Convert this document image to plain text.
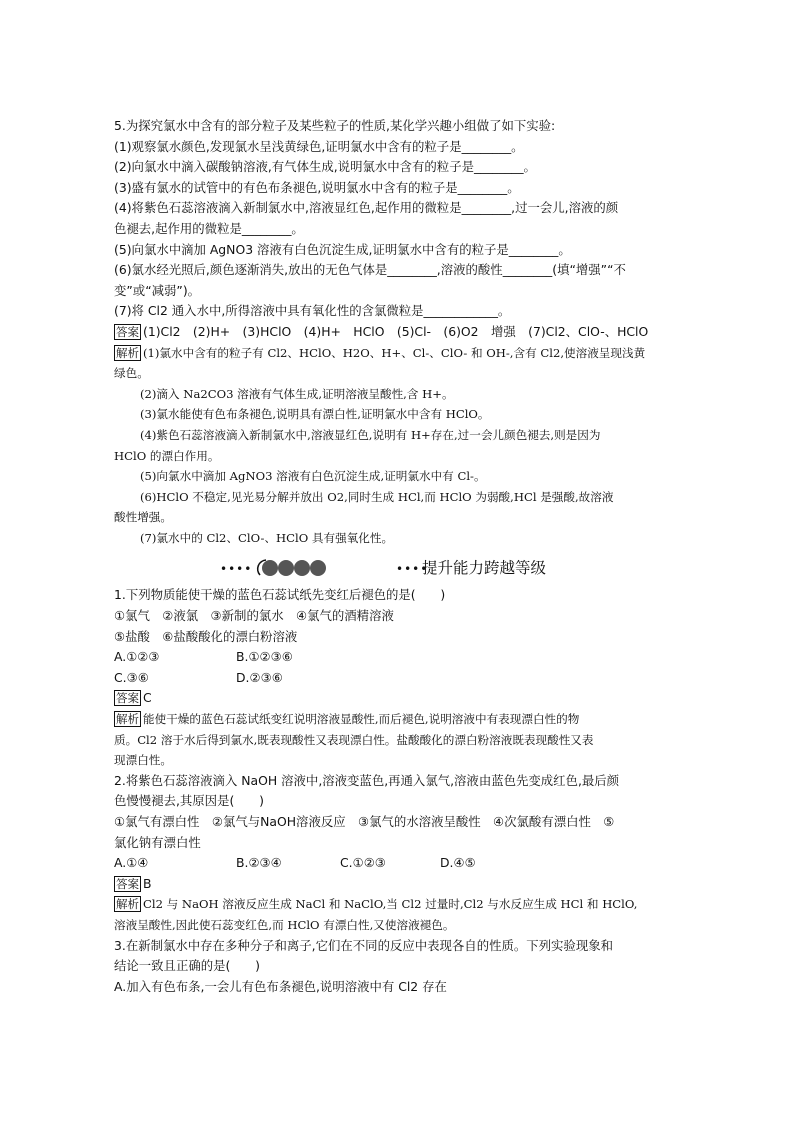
5.为探究氯水中含有的部分粒子及某些粒子的性质,某化学兴趣小组做了如下实验:
(1)观察氯水颜色,发现氯水呈浅黄绿色,证明氯水中含有的粒子是________。
(2)向氯水中滴入碳酸钠溶液,有气体生成,说明氯水中含有的粒子是________。
(3)盛有氯水的试管中的有色布条褪色,说明氯水中含有的粒子是________。
(4)将紫色石蕊溶液滴入新制氯水中,溶液显红色,起作用的微粒是________,过一会儿,溶液的颜
色褪去,起作用的微粒是________。
(5)向氯水中滴加 AgNO3 溶液有白色沉淀生成,证明氯水中含有的粒子是________。
(6)氯水经光照后,颜色逐渐消失,放出的无色气体是________,溶液的酸性________(填“增强”“不
变”或“减弱”)。
(7)将 Cl2 通入水中,所得溶液中具有氧化性的含氯微粒是____________。
答案 (1)Cl2　(2)H+　(3)HClO　(4)H+　HClO　(5)Cl-　(6)O2　增强　(7)Cl2、ClO-、HClO
解析 (1)氯水中含有的粒子有 Cl2、HClO、H2O、H+、Cl-、ClO- 和 OH-,含有 Cl2,使溶液呈现浅黄
绿色。
(2)滴入 Na2CO3 溶液有气体生成,证明溶液呈酸性,含 H+。
(3)氯水能使有色布条褪色,说明具有漂白性,证明氯水中含有 HClO。
(4)紫色石蕊溶液滴入新制氯水中,溶液显红色,说明有 H+存在,过一会儿颜色褪去,则是因为
HClO 的漂白作用。
(5)向氯水中滴加 AgNO3 溶液有白色沉淀生成,证明氯水中有 Cl-。
(6)HClO 不稳定,见光易分解并放出 O2,同时生成 HCl,而 HClO 为弱酸,HCl 是强酸,故溶液
酸性增强。
(7)氯水中的 Cl2、ClO-、HClO 具有强氧化性。
••••	••••
提升能力跨越等级
1.下列物质能使干燥的蓝色石蕊试纸先变红后褪色的是(　　)
①氯气　②液氯　③新制的氯水　④氯气的酒精溶液
⑤盐酸　⑥盐酸酸化的漂白粉溶液
A.①②③	B.①②③⑥
C.③⑥	D.②③⑥
答案 C
解析 能使干燥的蓝色石蕊试纸变红说明溶液显酸性,而后褪色,说明溶液中有表现漂白性的物
质。Cl2 溶于水后得到氯水,既表现酸性又表现漂白性。盐酸酸化的漂白粉溶液既表现酸性又表
现漂白性。
2.将紫色石蕊溶液滴入 NaOH 溶液中,溶液变蓝色,再通入氯气,溶液由蓝色先变成红色,最后颜
色慢慢褪去,其原因是(　　)
①氯气有漂白性　②氯气与NaOH溶液反应　③氯气的水溶液呈酸性　④次氯酸有漂白性　⑤
氯化钠有漂白性
A.①④	B.②③④	C.①②③	D.④⑤
答案 B
解析 Cl2 与 NaOH 溶液反应生成 NaCl 和 NaClO,当 Cl2 过量时,Cl2 与水反应生成 HCl 和 HClO,
溶液呈酸性,因此使石蕊变红色,而 HClO 有漂白性,又使溶液褪色。
3.在新制氯水中存在多种分子和离子,它们在不同的反应中表现各自的性质。下列实验现象和
结论一致且正确的是(　　)
A.加入有色布条,一会儿有色布条褪色,说明溶液中有 Cl2 存在
